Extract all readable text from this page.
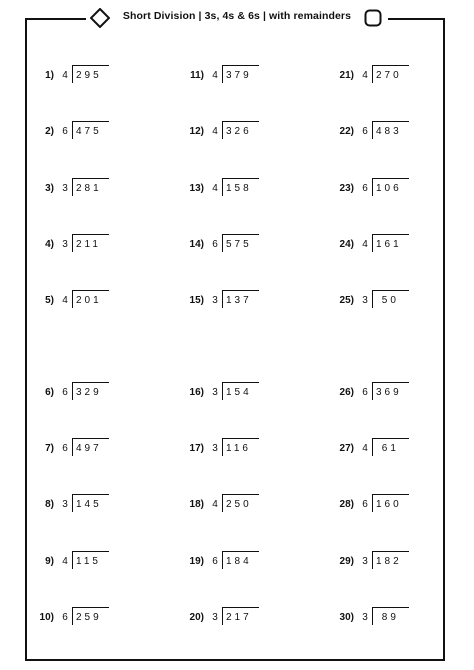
Short Division | 3s, 4s & 6s | with remainders
1) 4 295
2) 6 475
3) 3 281
4) 3 211
5) 4 201
6) 6 329
7) 6 497
8) 3 145
9) 4 115
10) 6 259
11) 4 379
12) 4 326
13) 4 158
14) 6 575
15) 3 137
16) 3 154
17) 3 116
18) 4 250
19) 6 184
20) 3 217
21) 4 270
22) 6 483
23) 6 106
24) 4 161
25) 3 50
26) 6 369
27) 4 61
28) 6 160
29) 3 182
30) 3 89
